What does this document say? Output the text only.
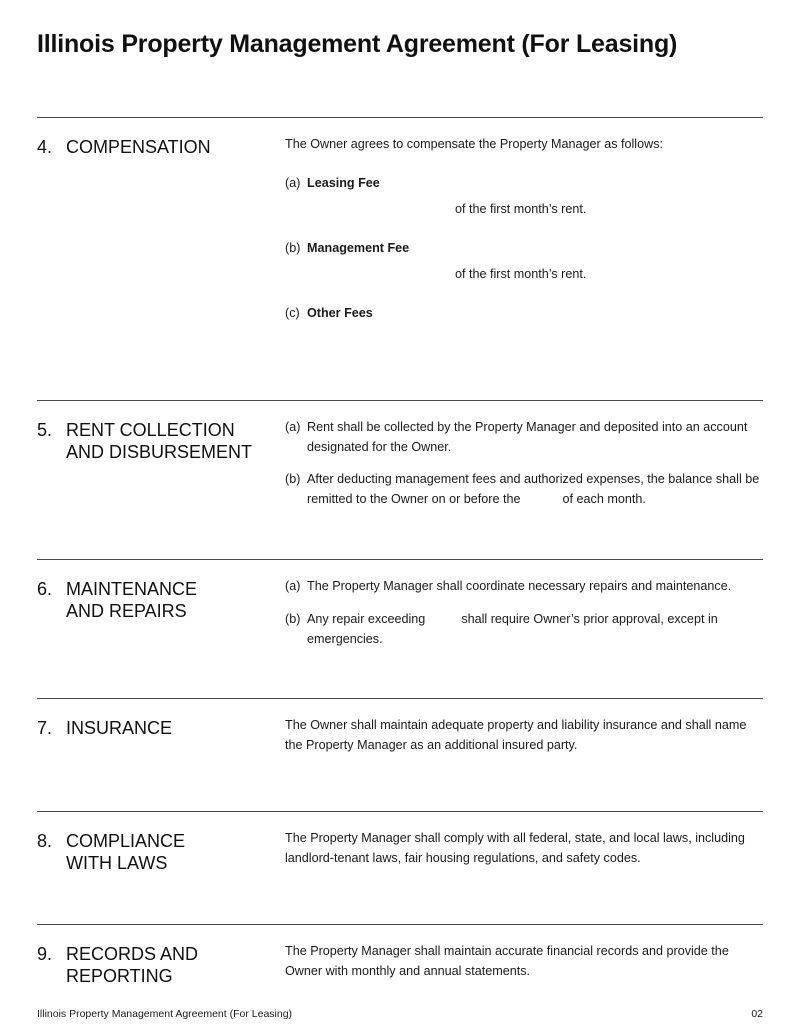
Illinois Property Management Agreement (For Leasing)
4. COMPENSATION	The Owner agrees to compensate the Property Manager as follows:
(a) Leasing Fee
of the first month’s rent.
(b) Management Fee
of the first month’s rent.
(c) Other Fees
5. RENT COLLECTION
AND DISBURSEMENT
(a) Rent shall be collected by the Property Manager and deposited into an account designated for the Owner.
(b) After deducting management fees and authorized expenses, the balance shall be remitted to the Owner on or before the	of each month.
6. MAINTENANCE
AND REPAIRS
(a) The Property Manager shall coordinate necessary repairs and maintenance.
(b) Any repair exceeding	shall require Owner’s prior approval, except in emergencies.
7. INSURANCE	The Owner shall maintain adequate property and liability insurance and shall name the Property Manager as an additional insured party.
8. COMPLIANCE
WITH LAWS
The Property Manager shall comply with all federal, state, and local laws, including landlord-tenant laws, fair housing regulations, and safety codes.
9. RECORDS AND
REPORTING
The Property Manager shall maintain accurate financial records and provide the Owner with monthly and annual statements.
Illinois Property Management Agreement (For Leasing)	02
